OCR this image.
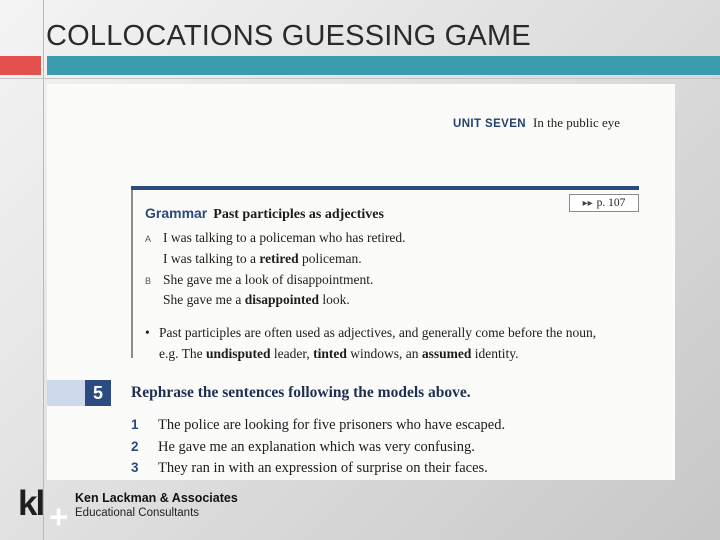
COLLOCATIONS GUESSING GAME
UNIT SEVEN In the public eye
Grammar Past participles as adjectives
▸▸ p. 107
A I was talking to a policeman who has retired.
I was talking to a retired policeman.
B She gave me a look of disappointment.
She gave me a disappointed look.
• Past participles are often used as adjectives, and generally come before the noun,
e.g. The undisputed leader, tinted windows, an assumed identity.
5	Rephrase the sentences following the models above.
1 The police are looking for five prisoners who have escaped.
2 He gave me an explanation which was very confusing.
3 They ran in with an expression of surprise on their faces.
kl + Ken Lackman & Associates
Educational Consultants
